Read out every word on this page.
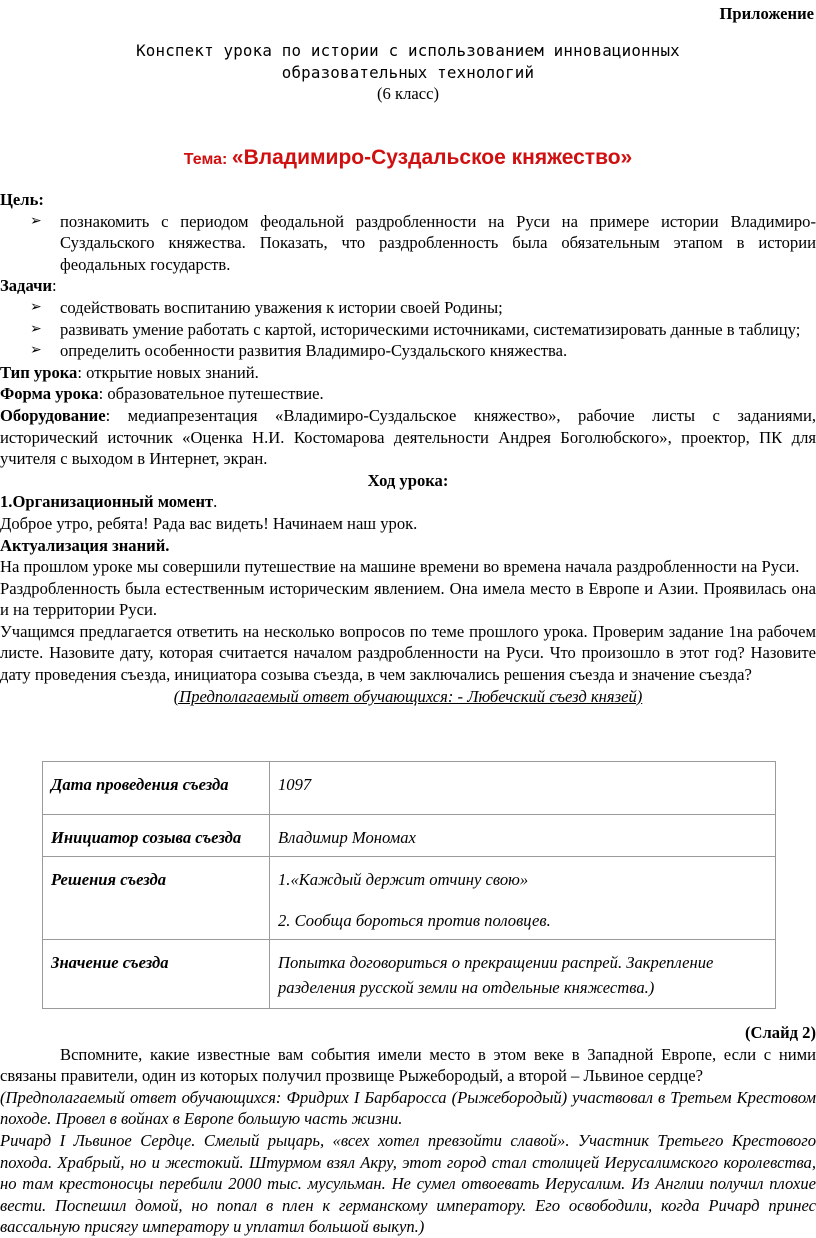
Приложение
Конспект урока по истории с использованием инновационных
образовательных технологий
(6 класс)
Тема: «Владимиро-Суздальское княжество»
Цель:
➢ познакомить с периодом феодальной раздробленности на Руси на примере истории Владимиро-Суздальского княжества. Показать, что раздробленность была обязательным этапом в истории феодальных государств.
Задачи:
➢ содействовать воспитанию уважения к истории своей Родины;
➢ развивать умение работать с картой, историческими источниками, систематизировать данные в таблицу;
➢ определить особенности развития Владимиро-Суздальского княжества.
Тип урока: открытие новых знаний.
Форма урока: образовательное путешествие.
Оборудование: медиапрезентация «Владимиро-Суздальское княжество», рабочие листы с заданиями, исторический источник «Оценка Н.И. Костомарова деятельности Андрея Боголюбского», проектор, ПК для учителя с выходом в Интернет, экран.
Ход урока:
1.Организационный момент.
Доброе утро, ребята! Рада вас видеть! Начинаем наш урок.
Актуализация знаний.

На прошлом уроке мы совершили путешествие на машине времени во времена начала раздробленности на Руси.

Раздробленность была естественным историческим явлением. Она имела место в Европе и Азии. Проявилась она и на территории Руси.

Учащимся предлагается ответить на несколько вопросов по теме прошлого урока. Проверим задание 1на рабочем листе. Назовите дату, которая считается началом раздробленности на Руси. Что произошло в этот год? Назовите дату проведения съезда, инициатора созыва съезда, в чем заключались решения съезда и значение съезда?

(Предполагаемый ответ обучающихся: - Любечский съезд князей)
Дата проведения съезда	1097
Инициатор созыва съезда	Владимир Мономах
Решения съезда	1.«Каждый держит отчину свою»
2. Сообща бороться против половцев.

Значение съезда	Попытка договориться о прекращении распрей. Закрепление разделения русской земли на отдельные княжества.)
(Слайд 2)

Вспомните, какие известные вам события имели место в этом веке в Западной Европе, если с ними связаны правители, один из которых получил прозвище Рыжебородый, а второй – Львиное сердце?

(Предполагаемый ответ обучающихся: Фридрих I Барбаросса (Рыжебородый) участвовал в Третьем Крестовом походе. Провел в войнах в Европе большую часть жизни.

Ричард I Львиное Сердце. Смелый рыцарь, «всех хотел превзойти славой». Участник Третьего Крестового похода. Храбрый, но и жестокий. Штурмом взял Акру, этот город стал столицей Иерусалимского королевства, но там крестоносцы перебили 2000 тыс. мусульман. Не сумел отвоевать Иерусалим. Из Англии получил плохие вести. Поспешил домой, но попал в плен к германскому императору. Его освободили, когда Ричард принес вассальную присягу императору и уплатил большой выкуп.)
